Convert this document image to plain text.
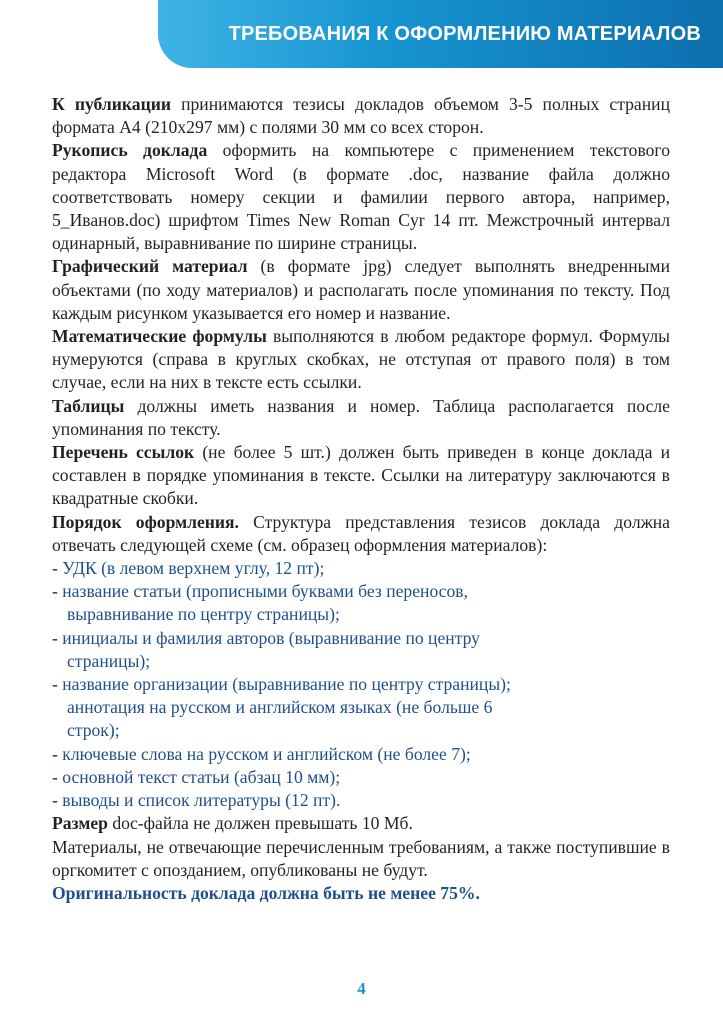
ТРЕБОВАНИЯ К ОФОРМЛЕНИЮ МАТЕРИАЛОВ

К публикации принимаются тезисы докладов объемом 3-5 полных страниц формата А4 (210х297 мм) с полями 30 мм со всех сторон.

Рукопись доклада оформить на компьютере с применением текстового редактора Microsoft Word (в формате .doc, название файла должно соответствовать номеру секции и фамилии первого автора, например, 5_Иванов.doc) шрифтом Times New Roman Cyr 14 пт. Межстрочный интервал одинарный, выравнивание по ширине страницы.

Графический материал (в формате jpg) следует выполнять внедренными объектами (по ходу материалов) и располагать после упоминания по тексту. Под каждым рисунком указывается его номер и название.

Математические формулы выполняются в любом редакторе формул. Формулы нумеруются (справа в круглых скобках, не отступая от правого поля) в том случае, если на них в тексте есть ссылки.

Таблицы должны иметь названия и номер. Таблица располагается после упоминания по тексту.

Перечень ссылок (не более 5 шт.) должен быть приведен в конце доклада и составлен в порядке упоминания в тексте. Ссылки на литературу заключаются в квадратные скобки.

Порядок оформления. Структура представления тезисов доклада должна отвечать следующей схеме (см. образец оформления материалов):

- УДК (в левом верхнем углу, 12 пт);
- название статьи (прописными буквами без переносов,
выравнивание по центру страницы);
- инициалы и фамилия авторов (выравнивание по центру
страницы);
- название организации (выравнивание по центру страницы);
аннотация на русском и английском языках (не больше 6
строк);
- ключевые слова на русском и английском (не более 7);
- основной текст статьи (абзац 10 мм);
- выводы и список литературы (12 пт).

Размер doc-файла не должен превышать 10 Мб.

Материалы, не отвечающие перечисленным требованиям, а также поступившие в оргкомитет с опозданием, опубликованы не будут.

Оригинальность доклада должна быть не менее 75%.

4
